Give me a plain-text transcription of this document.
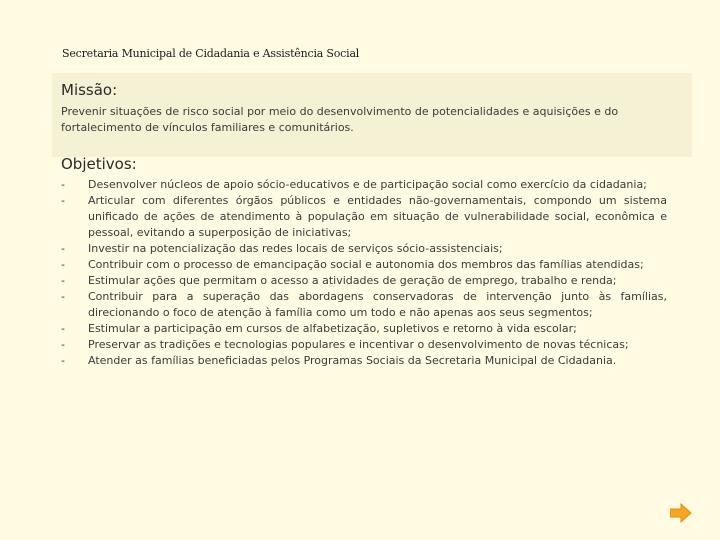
Secretaria Municipal de Cidadania e Assistência Social
Missão:
Prevenir situações de risco social por meio do desenvolvimento de potencialidades e aquisições e do fortalecimento de vínculos familiares e comunitários.
Objetivos:
- Desenvolver núcleos de apoio sócio-educativos e de participação social como exercício da cidadania;
- Articular com diferentes órgãos públicos e entidades não-governamentais, compondo um sistema unificado de ações de atendimento à população em situação de vulnerabilidade social, econômica e pessoal, evitando a superposição de iniciativas;
- Investir na potencialização das redes locais de serviços sócio-assistenciais;
- Contribuir com o processo de emancipação social e autonomia dos membros das famílias atendidas;
- Estimular ações que permitam o acesso a atividades de geração de emprego, trabalho e renda;
- Contribuir para a superação das abordagens conservadoras de intervenção junto às famílias, direcionando o foco de atenção à família como um todo e não apenas aos seus segmentos;
- Estimular a participação em cursos de alfabetização, supletivos e retorno à vida escolar;
- Preservar as tradições e tecnologias populares e incentivar o desenvolvimento de novas técnicas;
- Atender as famílias beneficiadas pelos Programas Sociais da Secretaria Municipal de Cidadania.
